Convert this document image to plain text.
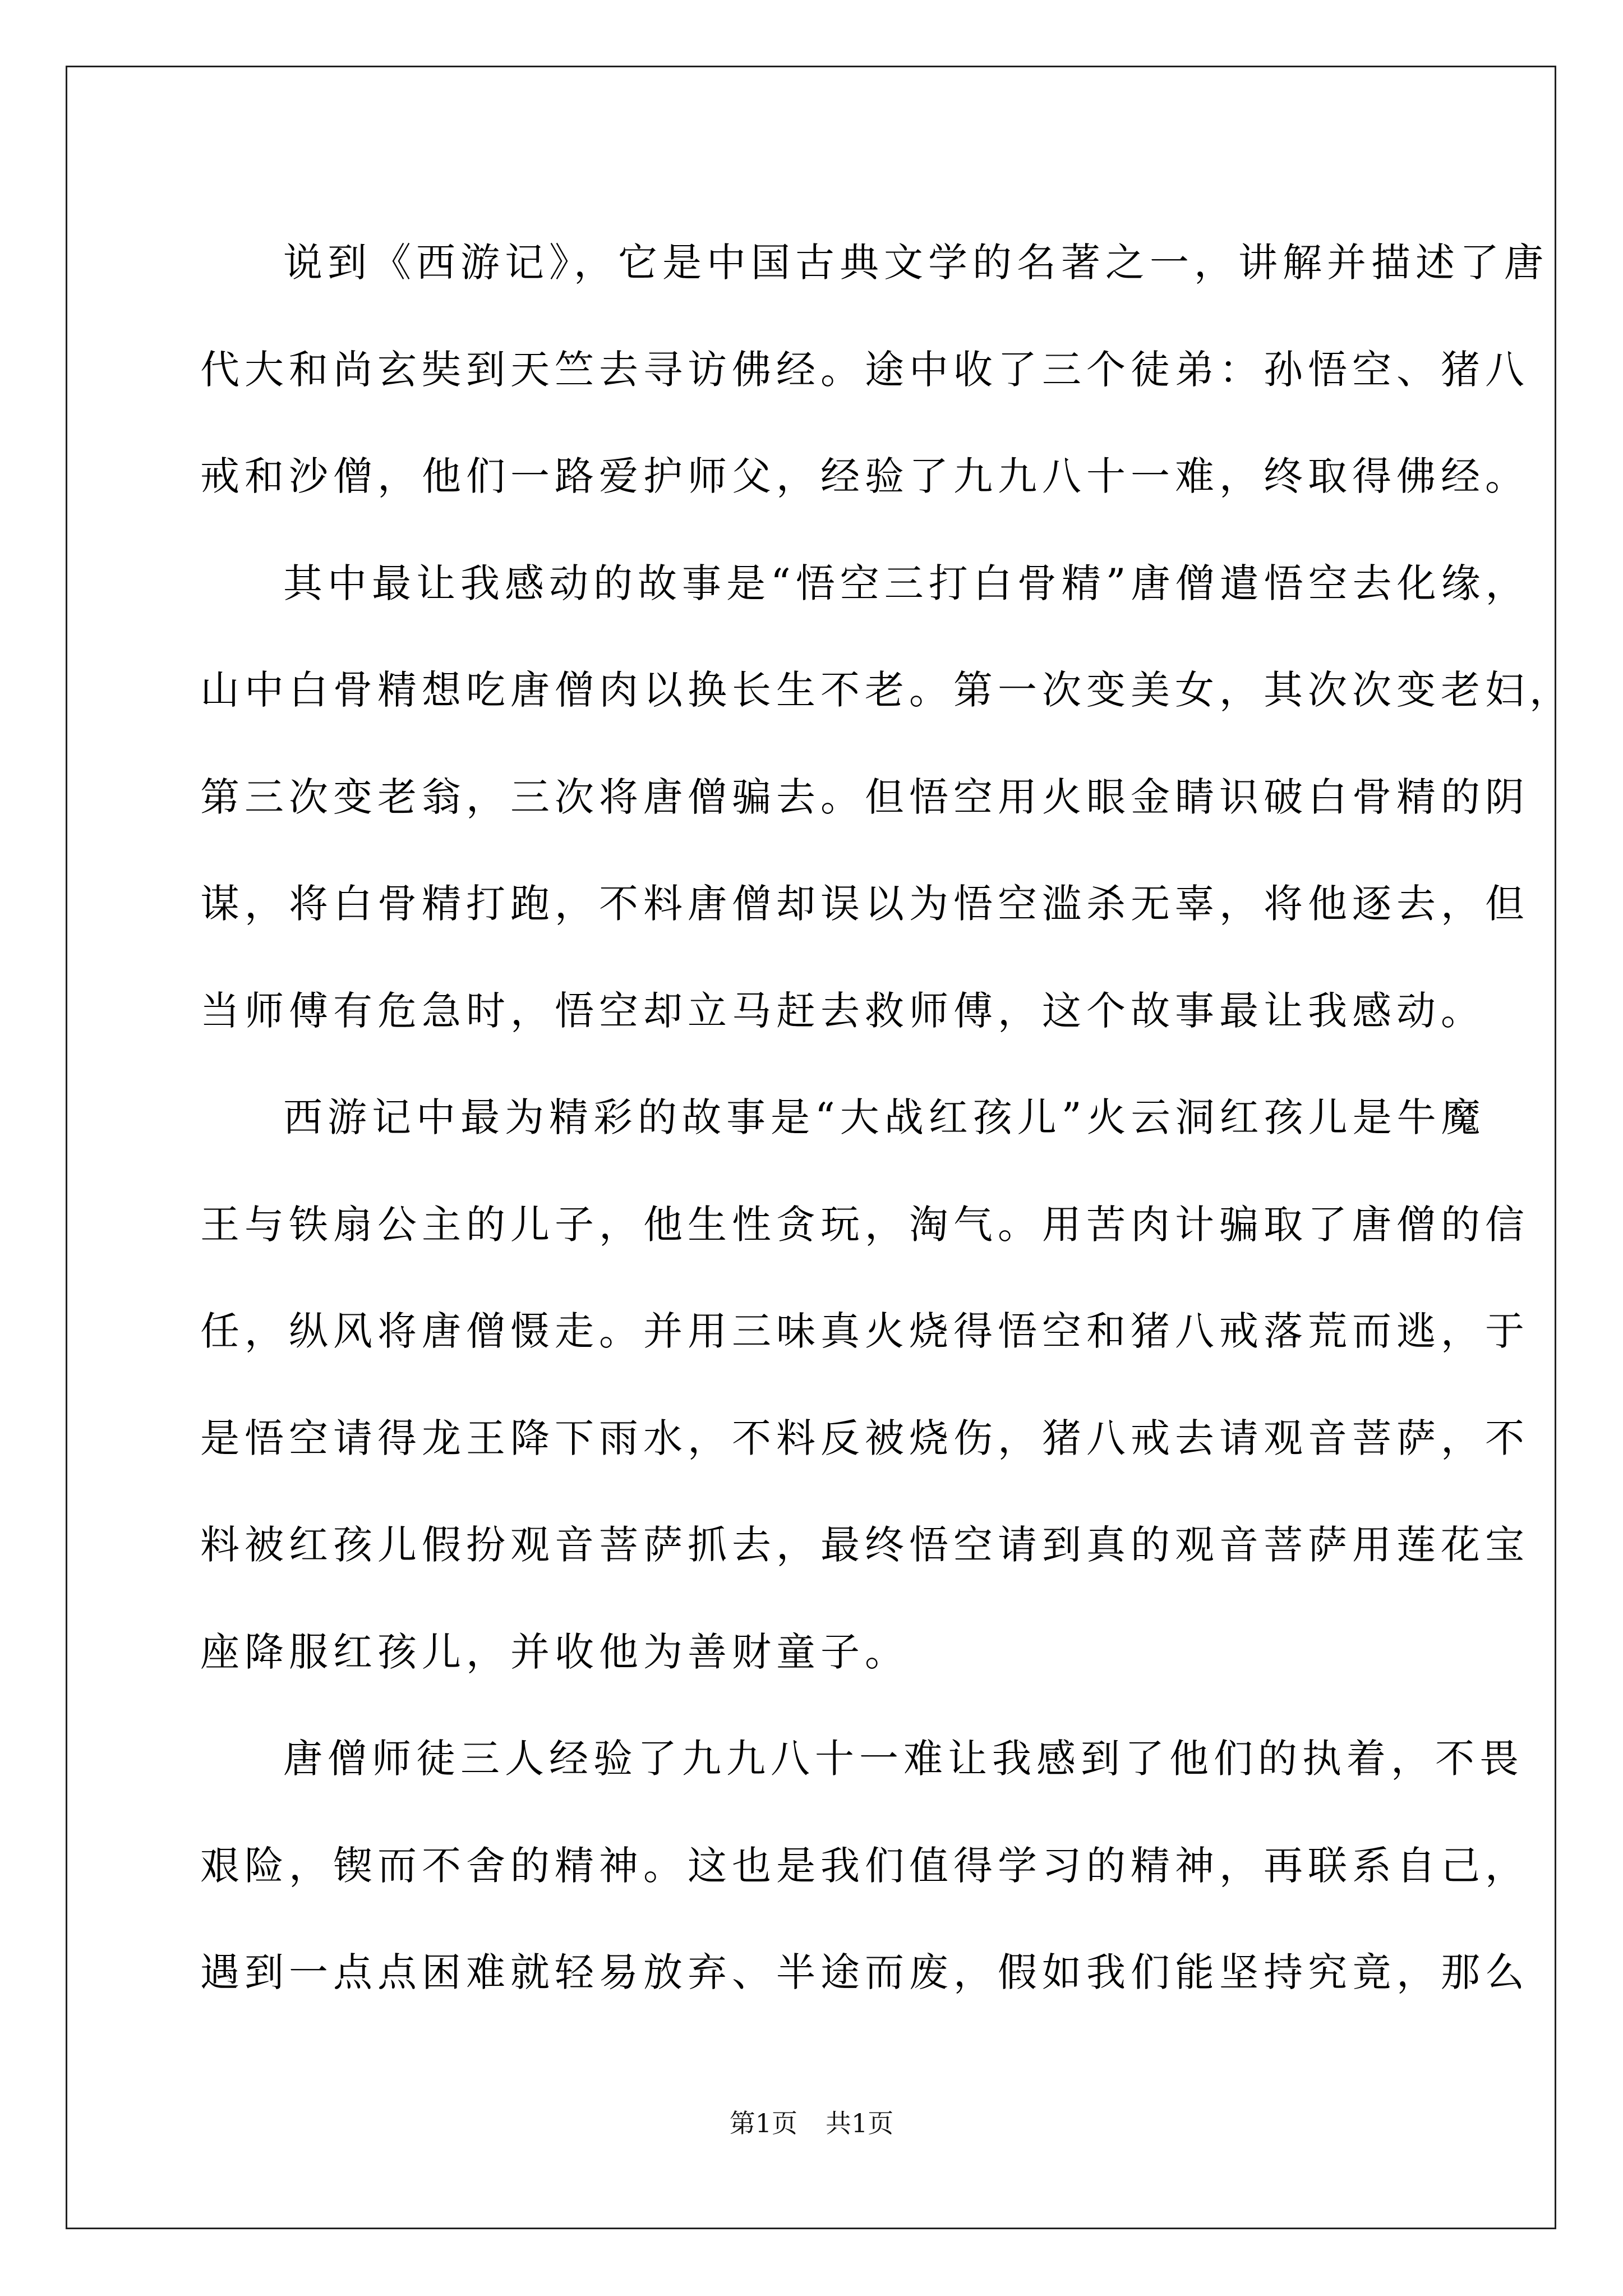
说到《西游记》，它是中国古典文学的名著之一，讲解并描述了唐
代大和尚玄奘到天竺去寻访佛经。途中收了三个徒弟：孙悟空、猪八
戒和沙僧，他们一路爱护师父，经验了九九八十一难，终取得佛经。
其中最让我感动的故事是“悟空三打白骨精”唐僧遣悟空去化缘，
山中白骨精想吃唐僧肉以换长生不老。第一次变美女，其次次变老妇，
第三次变老翁，三次将唐僧骗去。但悟空用火眼金睛识破白骨精的阴
谋，将白骨精打跑，不料唐僧却误以为悟空滥杀无辜，将他逐去，但
当师傅有危急时，悟空却立马赶去救师傅，这个故事最让我感动。
西游记中最为精彩的故事是“大战红孩儿”火云洞红孩儿是牛魔
王与铁扇公主的儿子，他生性贪玩，淘气。用苦肉计骗取了唐僧的信
任，纵风将唐僧慑走。并用三味真火烧得悟空和猪八戒落荒而逃，于
是悟空请得龙王降下雨水，不料反被烧伤，猪八戒去请观音菩萨，不
料被红孩儿假扮观音菩萨抓去，最终悟空请到真的观音菩萨用莲花宝
座降服红孩儿，并收他为善财童子。
唐僧师徒三人经验了九九八十一难让我感到了他们的执着，不畏
艰险，锲而不舍的精神。这也是我们值得学习的精神，再联系自己，
遇到一点点困难就轻易放弃、半途而废，假如我们能坚持究竟，那么
第1页 共1页
